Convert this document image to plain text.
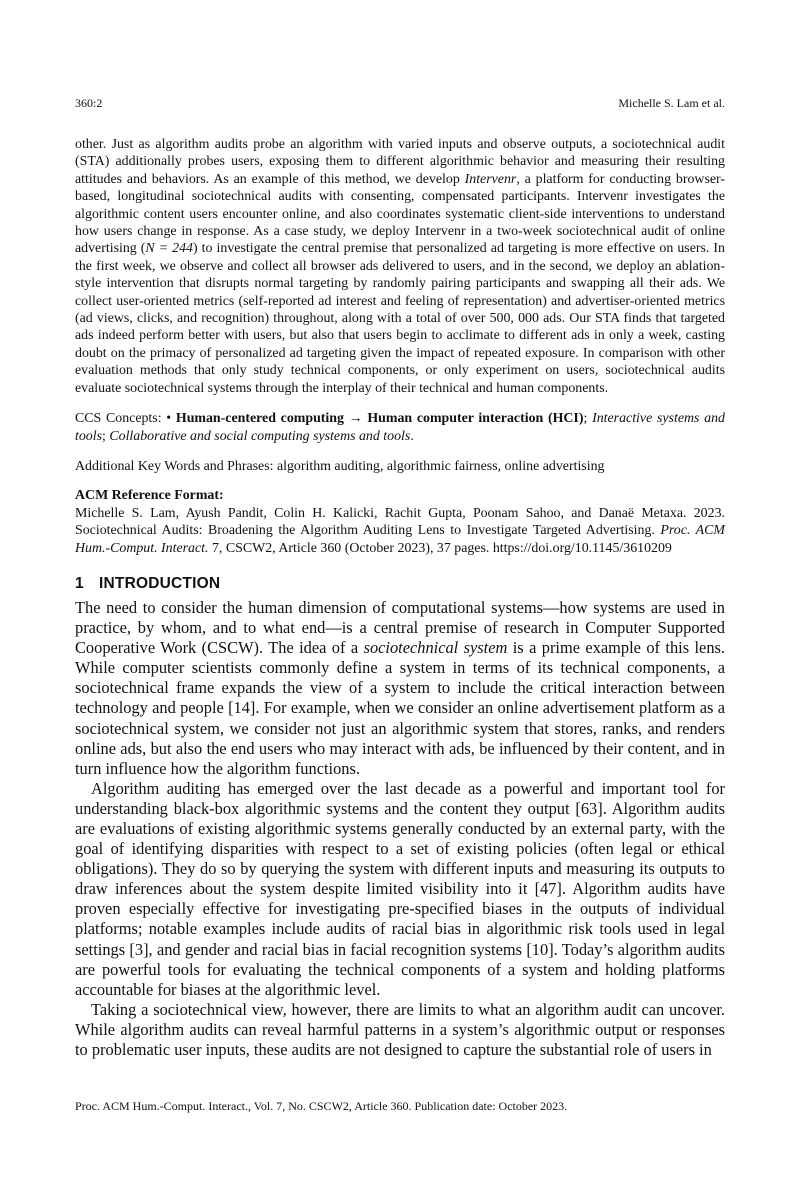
360:2	Michelle S. Lam et al.

other. Just as algorithm audits probe an algorithm with varied inputs and observe outputs, a sociotechnical audit (STA) additionally probes users, exposing them to different algorithmic behavior and measuring their resulting attitudes and behaviors. As an example of this method, we develop Intervenr, a platform for conducting browser-based, longitudinal sociotechnical audits with consenting, compensated participants. Intervenr investigates the algorithmic content users encounter online, and also coordinates systematic client-side interventions to understand how users change in response. As a case study, we deploy Intervenr in a two-week sociotechnical audit of online advertising (N = 244) to investigate the central premise that personalized ad targeting is more effective on users. In the first week, we observe and collect all browser ads delivered to users, and in the second, we deploy an ablation-style intervention that disrupts normal targeting by randomly pairing participants and swapping all their ads. We collect user-oriented metrics (self-reported ad interest and feeling of representation) and advertiser-oriented metrics (ad views, clicks, and recognition) throughout, along with a total of over 500, 000 ads. Our STA finds that targeted ads indeed perform better with users, but also that users begin to acclimate to different ads in only a week, casting doubt on the primacy of personalized ad targeting given the impact of repeated exposure. In comparison with other evaluation methods that only study technical components, or only experiment on users, sociotechnical audits evaluate sociotechnical systems through the interplay of their technical and human components.

CCS Concepts: • Human-centered computing → Human computer interaction (HCI); Interactive systems and tools; Collaborative and social computing systems and tools.

Additional Key Words and Phrases: algorithm auditing, algorithmic fairness, online advertising

ACM Reference Format:

Michelle S. Lam, Ayush Pandit, Colin H. Kalicki, Rachit Gupta, Poonam Sahoo, and Danaë Metaxa. 2023. Sociotechnical Audits: Broadening the Algorithm Auditing Lens to Investigate Targeted Advertising. Proc. ACM Hum.-Comput. Interact. 7, CSCW2, Article 360 (October 2023), 37 pages. https://doi.org/10.1145/3610209

1 INTRODUCTION

The need to consider the human dimension of computational systems—how systems are used in practice, by whom, and to what end—is a central premise of research in Computer Supported Cooperative Work (CSCW). The idea of a sociotechnical system is a prime example of this lens. While computer scientists commonly define a system in terms of its technical components, a sociotechnical frame expands the view of a system to include the critical interaction between technology and people [14]. For example, when we consider an online advertisement platform as a sociotechnical system, we consider not just an algorithmic system that stores, ranks, and renders online ads, but also the end users who may interact with ads, be influenced by their content, and in turn influence how the algorithm functions.

Algorithm auditing has emerged over the last decade as a powerful and important tool for understanding black-box algorithmic systems and the content they output [63]. Algorithm audits are evaluations of existing algorithmic systems generally conducted by an external party, with the goal of identifying disparities with respect to a set of existing policies (often legal or ethical obligations). They do so by querying the system with different inputs and measuring its outputs to draw inferences about the system despite limited visibility into it [47]. Algorithm audits have proven especially effective for investigating pre-specified biases in the outputs of individual platforms; notable examples include audits of racial bias in algorithmic risk tools used in legal settings [3], and gender and racial bias in facial recognition systems [10]. Today’s algorithm audits are powerful tools for evaluating the technical components of a system and holding platforms accountable for biases at the algorithmic level.

Taking a sociotechnical view, however, there are limits to what an algorithm audit can uncover. While algorithm audits can reveal harmful patterns in a system’s algorithmic output or responses to problematic user inputs, these audits are not designed to capture the substantial role of users in

Proc. ACM Hum.-Comput. Interact., Vol. 7, No. CSCW2, Article 360. Publication date: October 2023.
